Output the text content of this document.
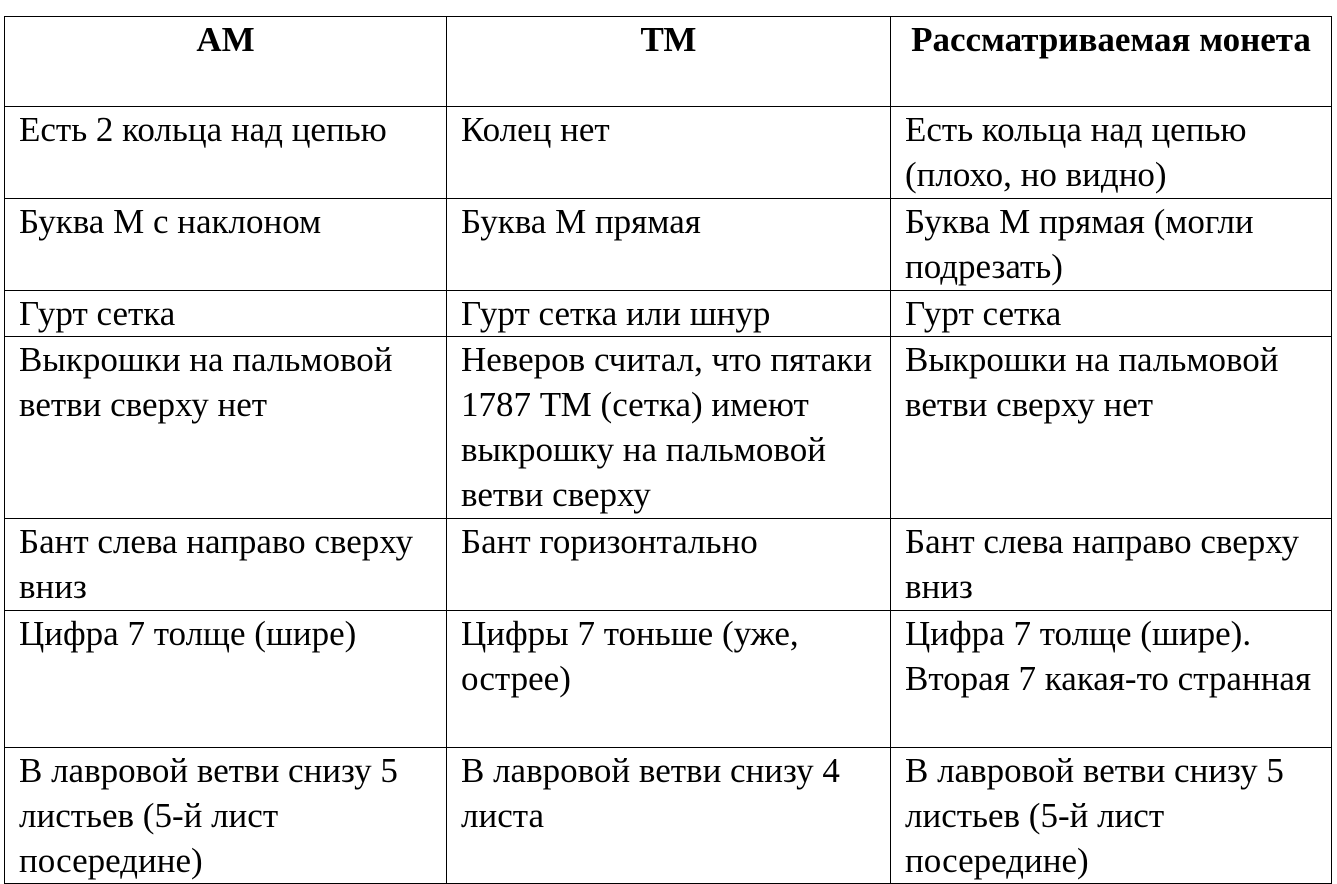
АМ	ТМ	Рассматриваемая монета
Есть 2 кольца над цепью	Колец нет	Есть кольца над цепью (плохо, но видно)
Буква М с наклоном	Буква М прямая	Буква М прямая (могли подрезать)
Гурт сетка	Гурт сетка или шнур	Гурт сетка
Выкрошки на пальмовой ветви сверху нет	Неверов считал, что пятаки 1787 ТМ (сетка) имеют выкрошку на пальмовой ветви сверху	Выкрошки на пальмовой ветви сверху нет
Бант слева направо сверху вниз	Бант горизонтально	Бант слева направо сверху вниз
Цифра 7 толще (шире)	Цифры 7 тоньше (уже, острее)	Цифра 7 толще (шире). Вторая 7 какая-то странная
В лавровой ветви снизу 5 листьев (5-й лист посередине)	В лавровой ветви снизу 4 листа	В лавровой ветви снизу 5 листьев (5-й лист посередине)
